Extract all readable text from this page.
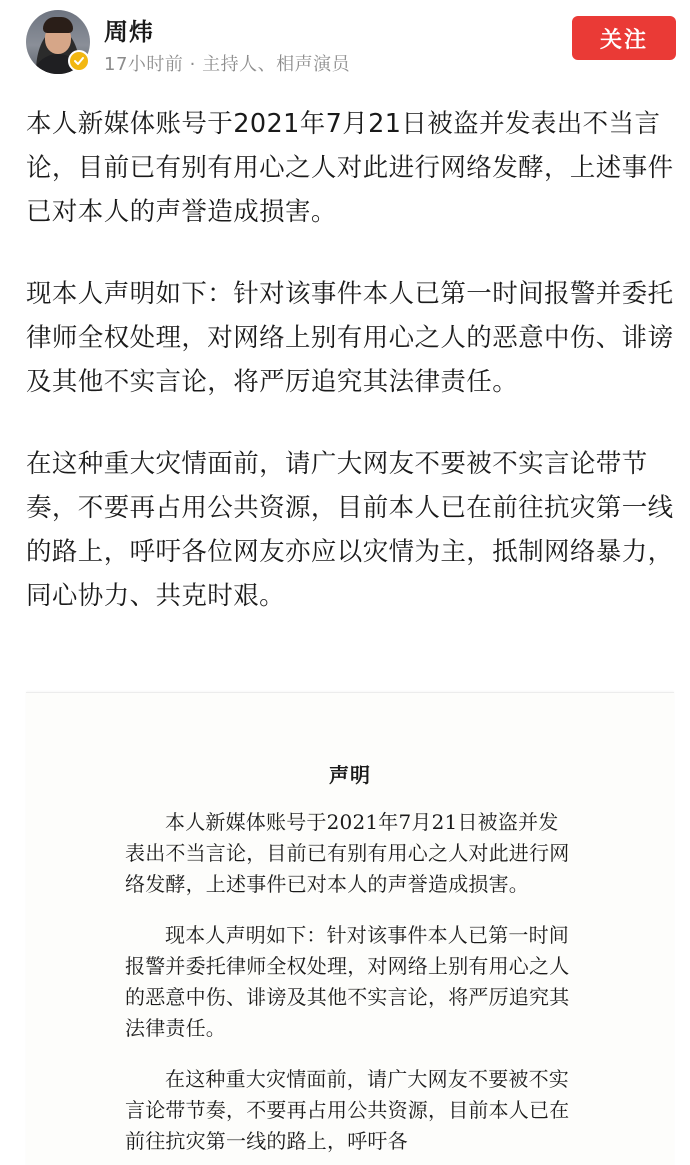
周炜
17小时前 · 主持人、相声演员
关注

本人新媒体账号于2021年7月21日被盗并发表出不当言论，目前已有别有用心之人对此进行网络发酵，上述事件已对本人的声誉造成损害。

现本人声明如下：针对该事件本人已第一时间报警并委托律师全权处理，对网络上别有用心之人的恶意中伤、诽谤及其他不实言论，将严厉追究其法律责任。

在这种重大灾情面前，请广大网友不要被不实言论带节奏，不要再占用公共资源，目前本人已在前往抗灾第一线的路上，呼吁各位网友亦应以灾情为主，抵制网络暴力，同心协力、共克时艰。

声明

本人新媒体账号于2021年7月21日被盗并发表出不当言论，目前已有别有用心之人对此进行网络发酵，上述事件已对本人的声誉造成损害。

现本人声明如下：针对该事件本人已第一时间报警并委托律师全权处理，对网络上别有用心之人的恶意中伤、诽谤及其他不实言论，将严厉追究其法律责任。

在这种重大灾情面前，请广大网友不要被不实言论带节奏，不要再占用公共资源，目前本人已在前往抗灾第一线的路上，呼吁各
